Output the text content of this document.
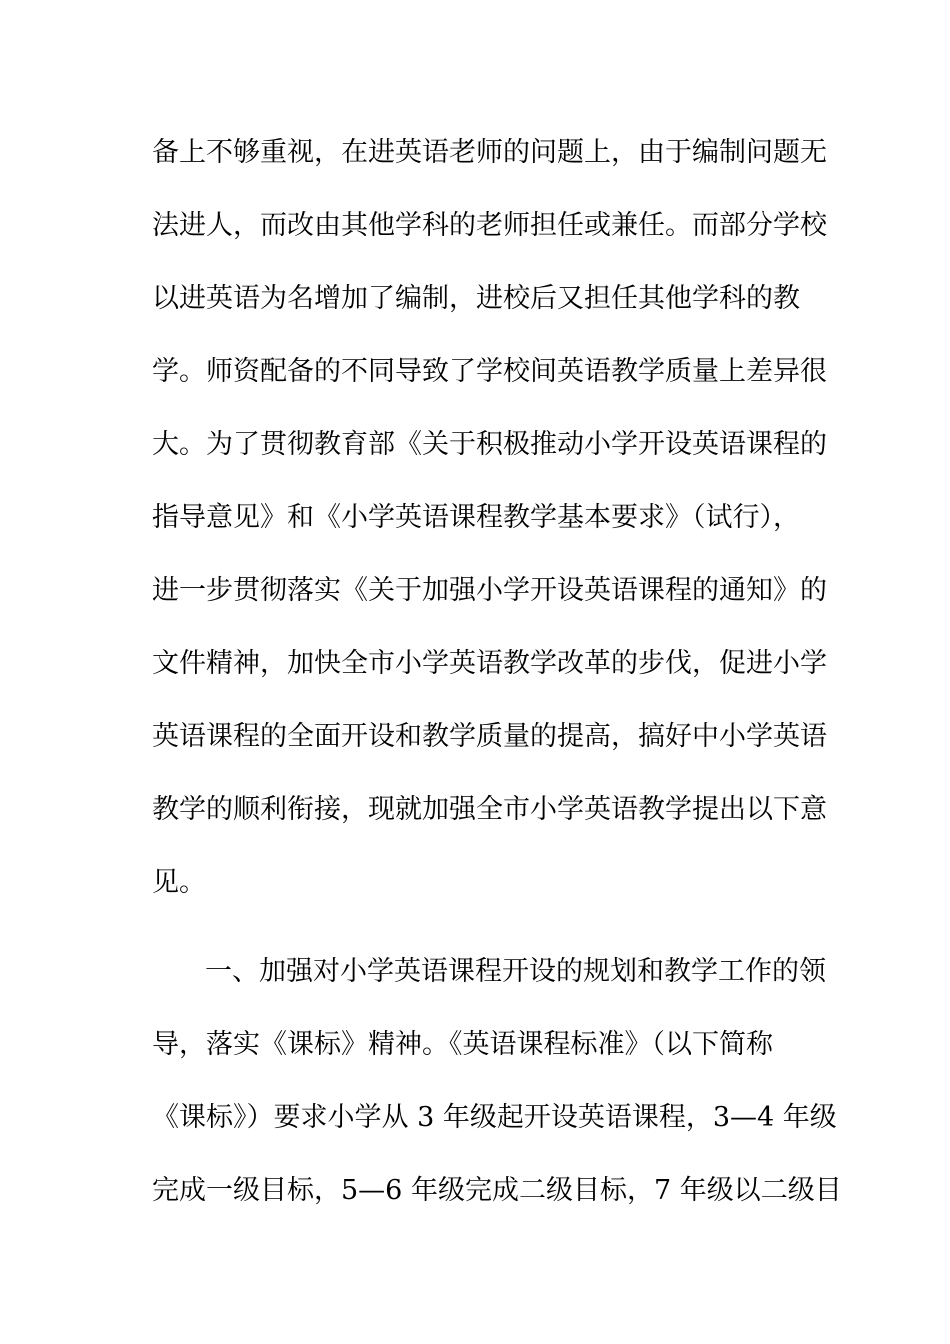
备上不够重视，在进英语老师的问题上，由于编制问题无
法进人，而改由其他学科的老师担任或兼任。而部分学校
以进英语为名增加了编制，进校后又担任其他学科的教
学。师资配备的不同导致了学校间英语教学质量上差异很
大。为了贯彻教育部《关于积极推动小学开设英语课程的
指导意见》和《小学英语课程教学基本要求》（试行），
进一步贯彻落实《关于加强小学开设英语课程的通知》的
文件精神，加快全市小学英语教学改革的步伐，促进小学
英语课程的全面开设和教学质量的提高，搞好中小学英语
教学的顺利衔接，现就加强全市小学英语教学提出以下意
见。
一、加强对小学英语课程开设的规划和教学工作的领
导，落实《课标》精神。《英语课程标准》（以下简称
《课标》）要求小学从 3 年级起开设英语课程，3—4 年级
完成一级目标，5—6 年级完成二级目标，7 年级以二级目
